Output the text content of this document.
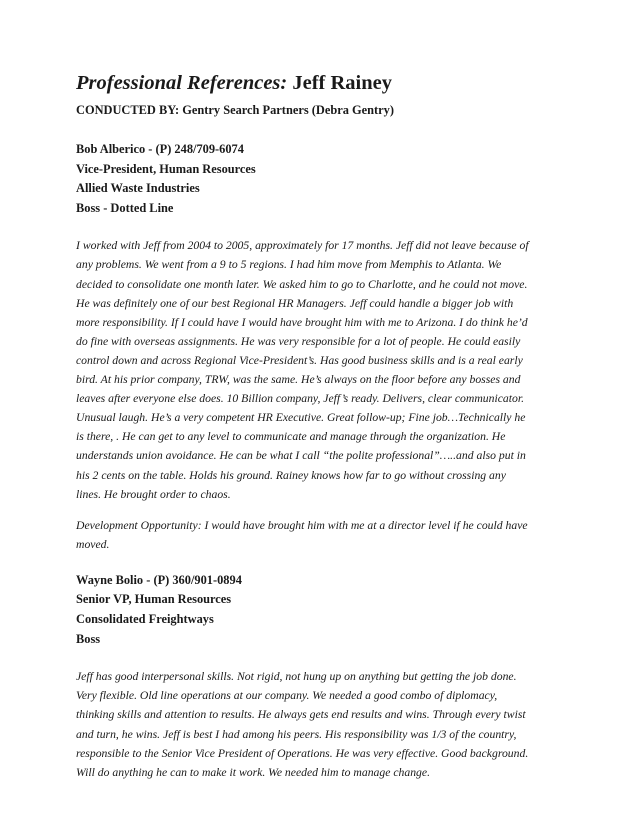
Professional References: Jeff Rainey
CONDUCTED BY: Gentry Search Partners (Debra Gentry)
Bob Alberico - (P) 248/709-6074
Vice-President, Human Resources
Allied Waste Industries
Boss - Dotted Line
I worked with Jeff from 2004 to 2005, approximately for 17 months. Jeff did not leave because of
any problems. We went from a 9 to 5 regions. I had him move from Memphis to Atlanta. We
decided to consolidate one month later. We asked him to go to Charlotte, and he could not move.
He was definitely one of our best Regional HR Managers. Jeff could handle a bigger job with
more responsibility. If I could have I would have brought him with me to Arizona. I do think he’d
do fine with overseas assignments. He was very responsible for a lot of people. He could easily
control down and across Regional Vice-President’s. Has good business skills and is a real early
bird. At his prior company, TRW, was the same. He’s always on the floor before any bosses and
leaves after everyone else does. 10 Billion company, Jeff’s ready. Delivers, clear communicator.
Unusual laugh. He’s a very competent HR Executive. Great follow-up; Fine job…Technically he
is there, . He can get to any level to communicate and manage through the organization. He
understands union avoidance. He can be what I call “the polite professional”…..and also put in
his 2 cents on the table. Holds his ground. Rainey knows how far to go without crossing any
lines. He brought order to chaos.
Development Opportunity: I would have brought him with me at a director level if he could have
moved.
Wayne Bolio - (P) 360/901-0894
Senior VP, Human Resources
Consolidated Freightways
Boss
Jeff has good interpersonal skills. Not rigid, not hung up on anything but getting the job done.
Very flexible. Old line operations at our company. We needed a good combo of diplomacy,
thinking skills and attention to results. He always gets end results and wins. Through every twist
and turn, he wins. Jeff is best I had among his peers. His responsibility was 1/3 of the country,
responsible to the Senior Vice President of Operations. He was very effective. Good background.
Will do anything he can to make it work. We needed him to manage change.
